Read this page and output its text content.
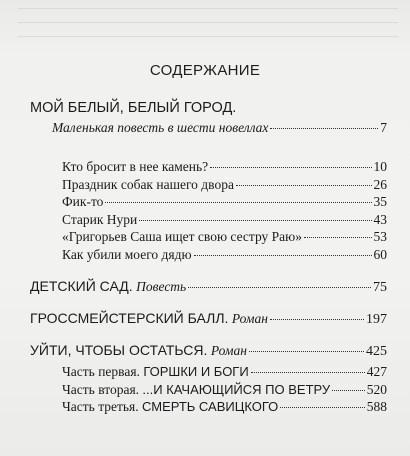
СОДЕРЖАНИЕ
МОЙ БЕЛЫЙ, БЕЛЫЙ ГОРОД.
Маленькая повесть в шести новеллах	7
Кто бросит в нее камень?	10
Праздник собак нашего двора	26
Фик-то	35
Старик Нури	43
«Григорьев Саша ищет свою сестру Раю»	53
Как убили моего дядю	60
ДЕТСКИЙ САД. Повесть	75
ГРОССМЕЙСТЕРСКИЙ БАЛЛ. Роман	197
УЙТИ, ЧТОБЫ ОСТАТЬСЯ. Роман	425
Часть первая. ГОРШКИ И БОГИ	427
Часть вторая. ...И КАЧАЮЩИЙСЯ ПО ВЕТРУ	520
Часть третья. СМЕРТЬ САВИЦКОГО	588
